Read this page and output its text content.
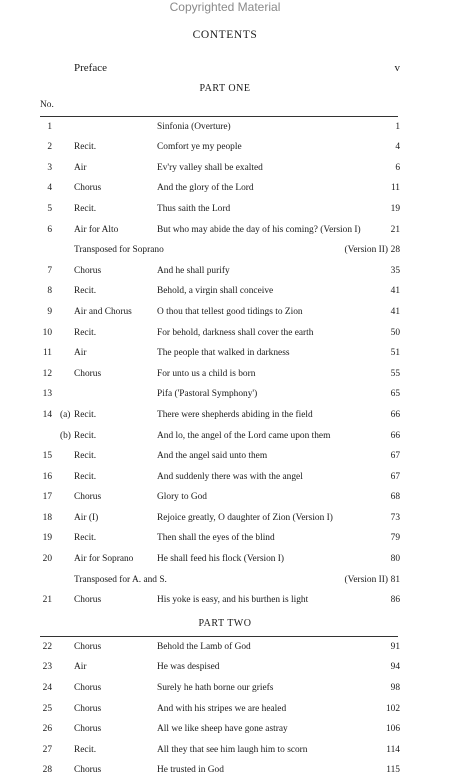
Copyrighted Material
CONTENTS
Preface	v
PART ONE
No.
1	Sinfonia (Overture)	1
2 Recit.	Comfort ye my people	4
3 Air	Ev'ry valley shall be exalted	6
4 Chorus	And the glory of the Lord	11
5 Recit.	Thus saith the Lord	19
6 Air for Alto	But who may abide the day of his coming? (Version I)	21
Transposed for Soprano	(Version II) 28
7 Chorus	And he shall purify	35
8 Recit.	Behold, a virgin shall conceive	41
9 Air and Chorus	O thou that tellest good tidings to Zion	41
10 Recit.	For behold, darkness shall cover the earth	50
11 Air	The people that walked in darkness	51
12 Chorus	For unto us a child is born	55
13	Pifa ('Pastoral Symphony')	65
14 (a) Recit.	There were shepherds abiding in the field	66
(b) Recit.	And lo, the angel of the Lord came upon them	66
15 Recit.	And the angel said unto them	67
16 Recit.	And suddenly there was with the angel	67
17 Chorus	Glory to God	68
18 Air (I)	Rejoice greatly, O daughter of Zion (Version I)	73
19 Recit.	Then shall the eyes of the blind	79
20 Air for Soprano	He shall feed his flock (Version I)	80
Transposed for A. and S.	(Version II) 81
21 Chorus	His yoke is easy, and his burthen is light	86
PART TWO
22 Chorus	Behold the Lamb of God	91
23 Air	He was despised	94
24 Chorus	Surely he hath borne our griefs	98
25 Chorus	And with his stripes we are healed	102
26 Chorus	All we like sheep have gone astray	106
27 Recit.	All they that see him laugh him to scorn	114
28 Chorus	He trusted in God	115
